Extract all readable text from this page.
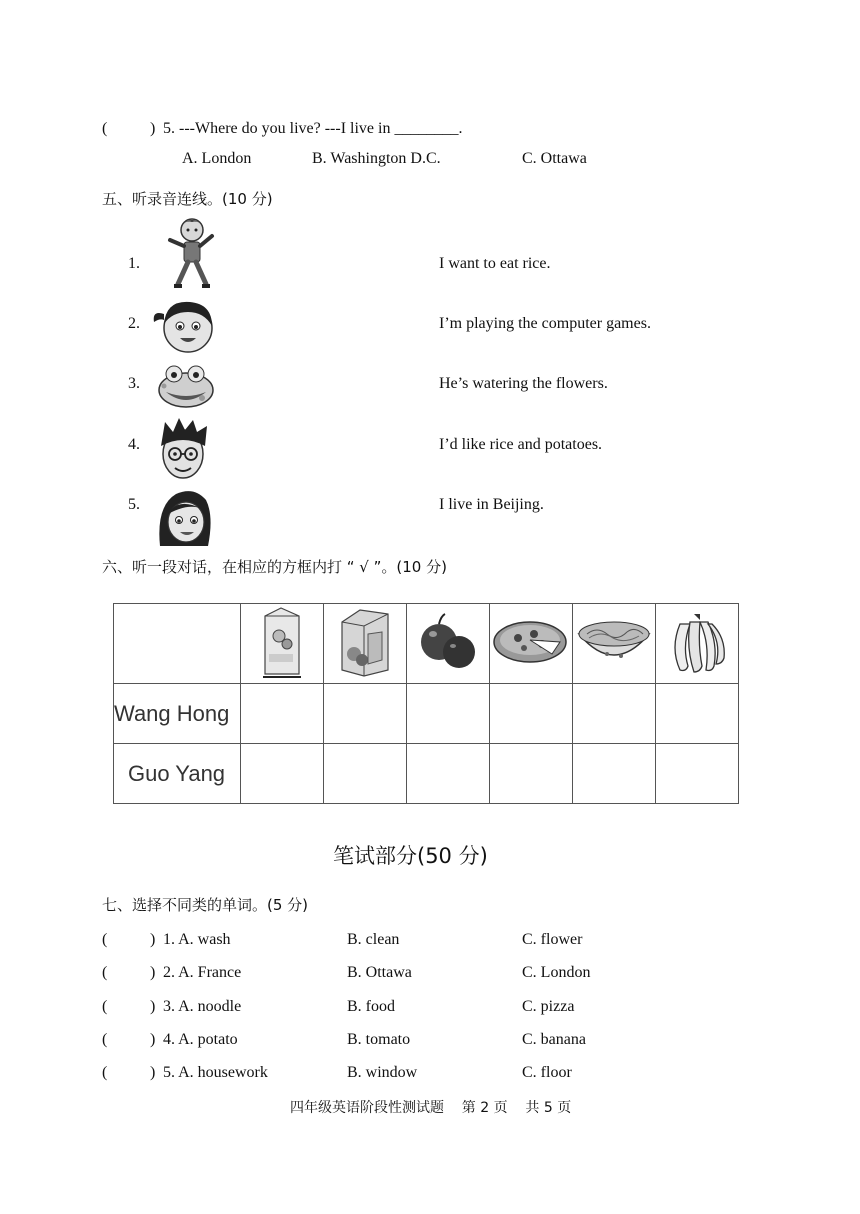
(	) 5. ---Where do you live? ---I live in ________.
A. London	B. Washington D.C.	C. Ottawa
五、听录音连线。(10 分)
1.	I want to eat rice.
2.	I’m playing the computer games.
3.	He’s watering the flowers.
4.	I’d like rice and potatoes.
5.	I live in Beijing.
六、听一段对话，在相应的方框内打 “ √ ”。(10 分)

Wang Hong						
Guo Yang						
笔试部分(50 分)
七、选择不同类的单词。(5 分)
(	) 1. A. wash	B. clean	C. flower
(	) 2. A. France	B. Ottawa	C. London
(	) 3. A. noodle	B. food	C. pizza
(	) 4. A. potato	B. tomato	C. banana
(	) 5. A. housework	B. window	C. floor
四年级英语阶段性测试题    第 2 页    共 5 页
